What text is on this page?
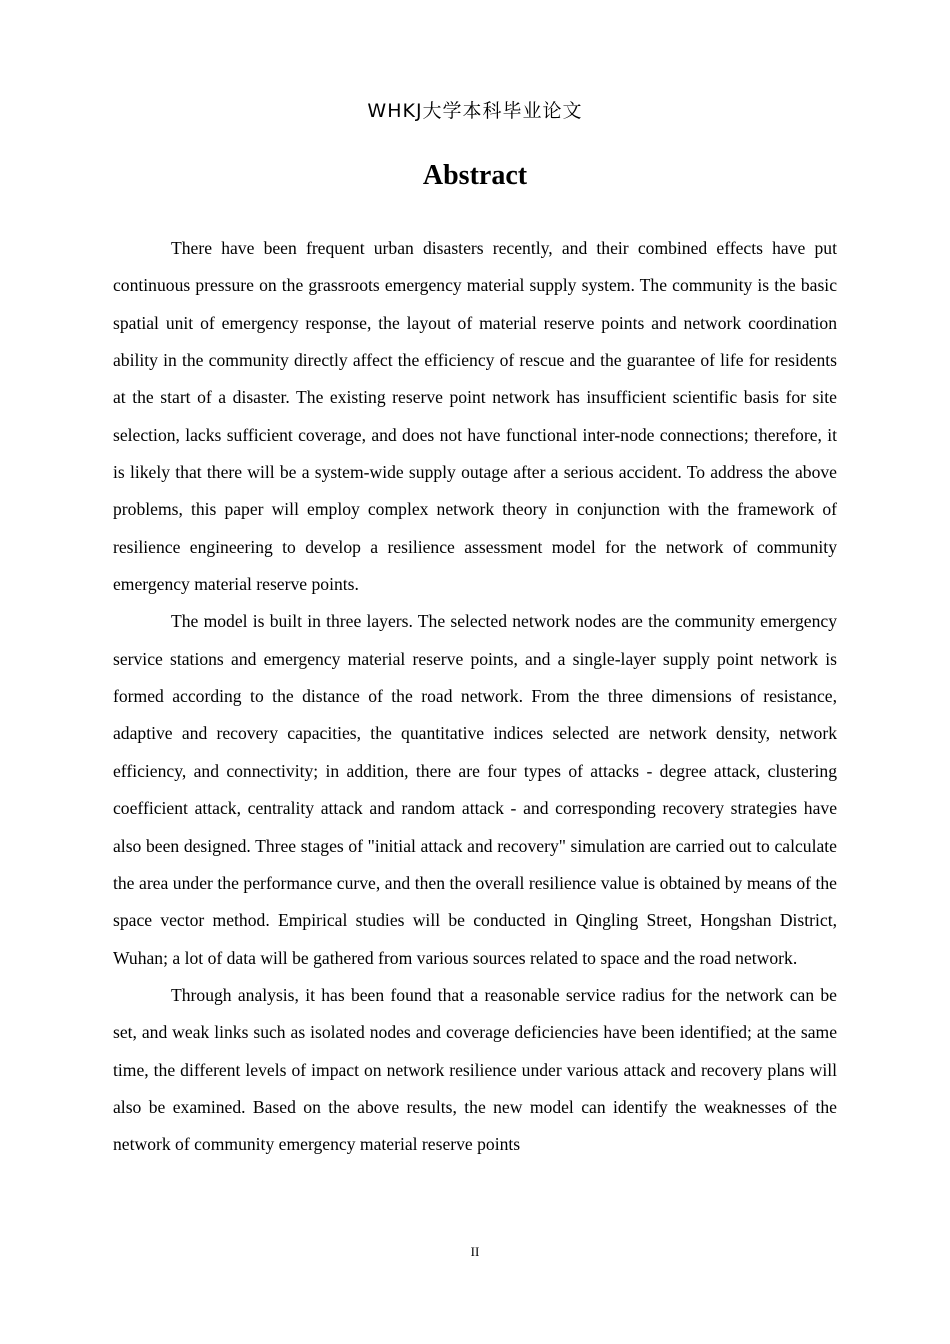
WHKJ大学本科毕业论文
Abstract

There have been frequent urban disasters recently, and their combined effects have put continuous pressure on the grassroots emergency material supply system. The community is the basic spatial unit of emergency response, the layout of material reserve points and network coordination ability in the community directly affect the efficiency of rescue and the guarantee of life for residents at the start of a disaster. The existing reserve point network has insufficient scientific basis for site selection, lacks sufficient coverage, and does not have functional inter-node connections; therefore, it is likely that there will be a system-wide supply outage after a serious accident. To address the above problems, this paper will employ complex network theory in conjunction with the framework of resilience engineering to develop a resilience assessment model for the network of community emergency material reserve points.

The model is built in three layers. The selected network nodes are the community emergency service stations and emergency material reserve points, and a single-layer supply point network is formed according to the distance of the road network. From the three dimensions of resistance, adaptive and recovery capacities, the quantitative indices selected are network density, network efficiency, and connectivity; in addition, there are four types of attacks - degree attack, clustering coefficient attack, centrality attack and random attack - and corresponding recovery strategies have also been designed. Three stages of "initial attack and recovery" simulation are carried out to calculate the area under the performance curve, and then the overall resilience value is obtained by means of the space vector method. Empirical studies will be conducted in Qingling Street, Hongshan District, Wuhan; a lot of data will be gathered from various sources related to space and the road network.

Through analysis, it has been found that a reasonable service radius for the network can be set, and weak links such as isolated nodes and coverage deficiencies have been identified; at the same time, the different levels of impact on network resilience under various attack and recovery plans will also be examined. Based on the above results, the new model can identify the weaknesses of the network of community emergency material reserve points

II
